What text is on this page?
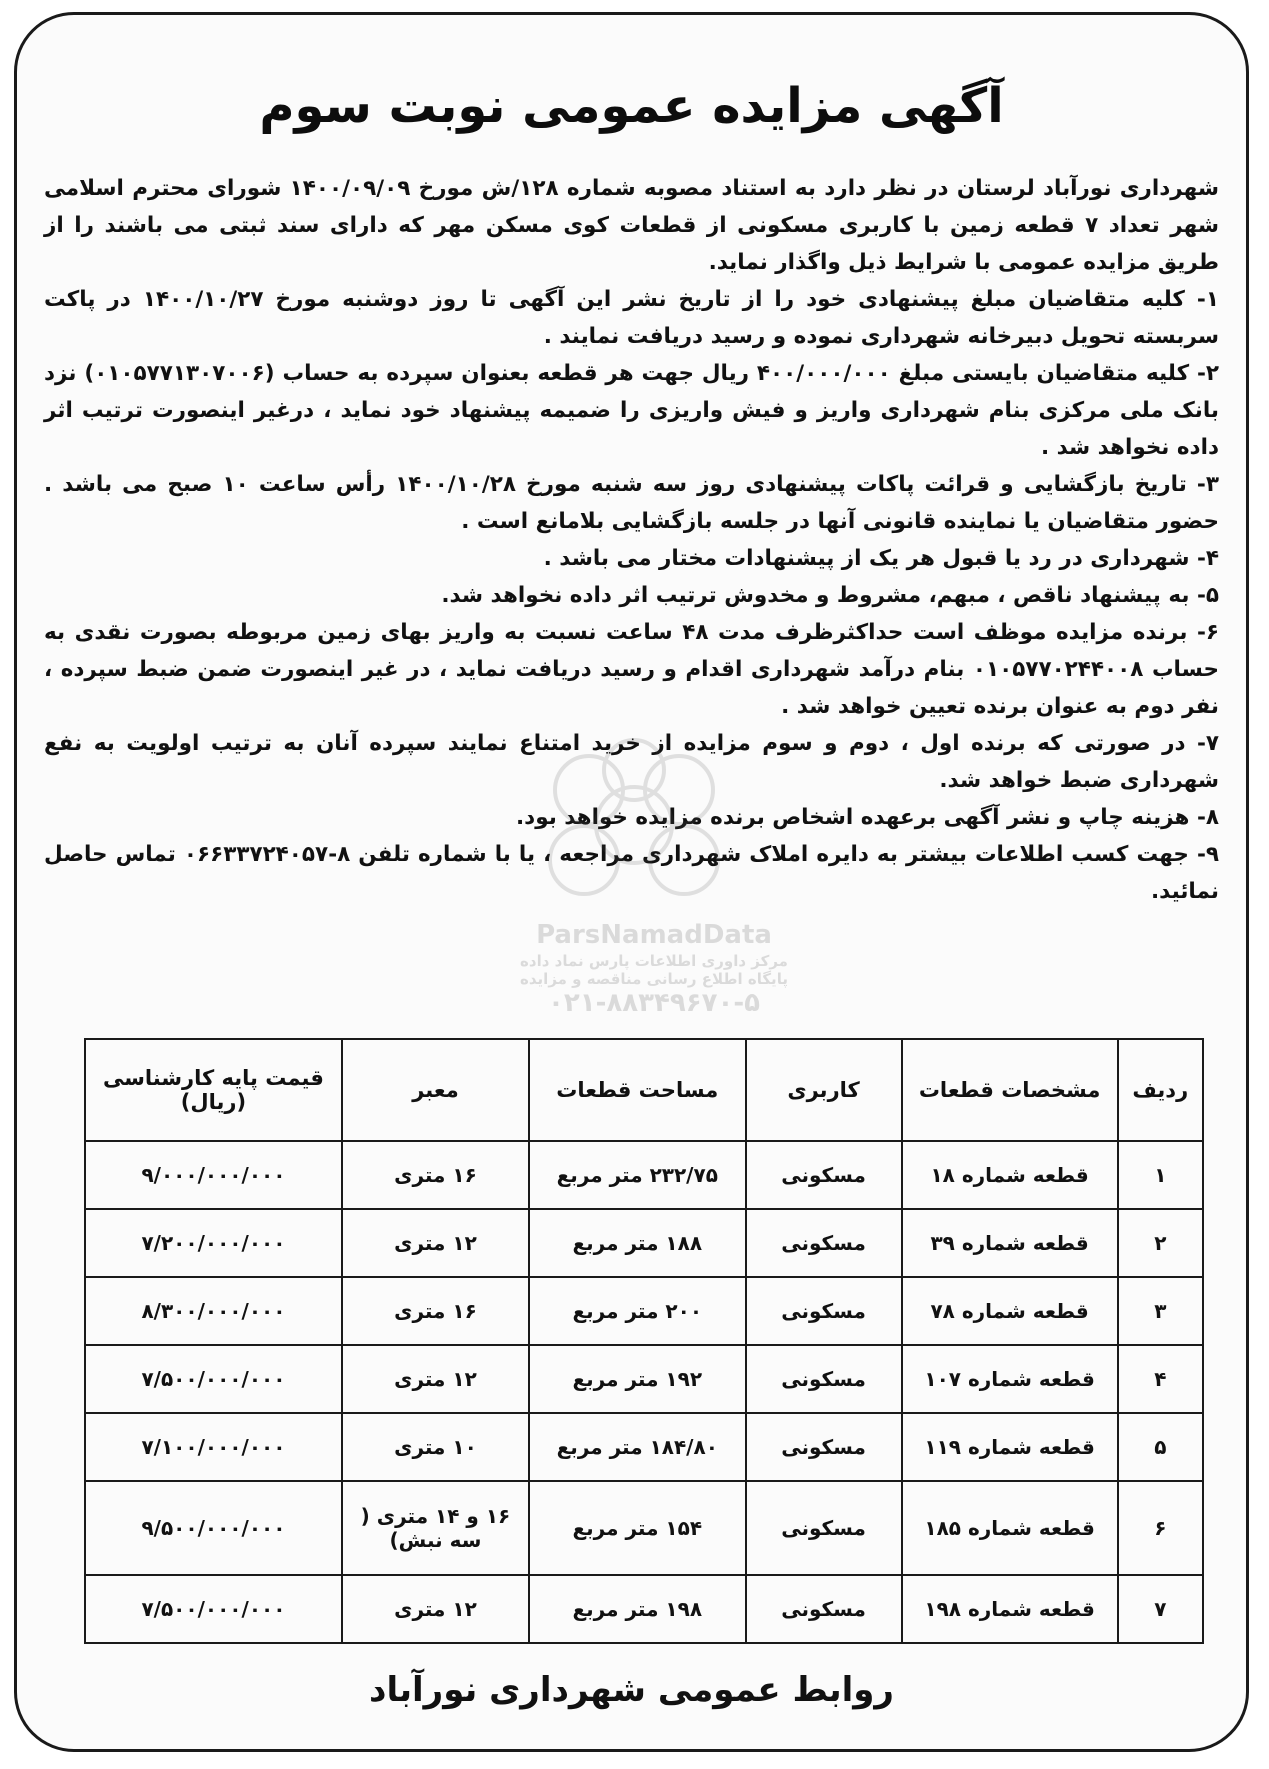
آگهی مزایده عمومی نوبت سوم

شهرداری نورآباد لرستان در نظر دارد به استناد مصوبه شماره ۱۲۸/ش مورخ ۱۴۰۰/۰۹/۰۹ شورای محترم اسلامی شهر تعداد ۷ قطعه زمین با کاربری مسکونی از قطعات کوی مسکن مهر که دارای سند ثبتی می باشند را از طریق مزایده عمومی با شرایط ذیل واگذار نماید.

۱- کلیه متقاضیان مبلغ پیشنهادی خود را از تاریخ نشر این آگهی تا روز دوشنبه مورخ ۱۴۰۰/۱۰/۲۷ در پاکت سربسته تحویل دبیرخانه شهرداری نموده و رسید دریافت نمایند .

۲- کلیه متقاضیان بایستی مبلغ ۴۰۰/۰۰۰/۰۰۰ ریال جهت هر قطعه بعنوان سپرده به حساب (۰۱۰۵۷۷۱۳۰۷۰۰۶) نزد بانک ملی مرکزی بنام شهرداری واریز و فیش واریزی را ضمیمه پیشنهاد خود نماید ، درغیر اینصورت ترتیب اثر داده نخواهد شد .

۳- تاریخ بازگشایی و قرائت پاکات پیشنهادی روز سه شنبه مورخ ۱۴۰۰/۱۰/۲۸ رأس ساعت ۱۰ صبح می باشد . حضور متقاضیان یا نماینده قانونی آنها در جلسه بازگشایی بلامانع است .

۴- شهرداری در رد یا قبول هر یک از پیشنهادات مختار می باشد .

۵- به پیشنهاد ناقص ، مبهم، مشروط و مخدوش ترتیب اثر داده نخواهد شد.

۶- برنده مزایده موظف است حداکثرظرف مدت ۴۸ ساعت نسبت به واریز بهای زمین مربوطه بصورت نقدی به حساب ۰۱۰۵۷۷۰۲۴۴۰۰۸ بنام درآمد شهرداری اقدام و رسید دریافت نماید ، در غیر اینصورت ضمن ضبط سپرده ، نفر دوم به عنوان برنده تعیین خواهد شد .

۷- در صورتی که برنده اول ، دوم و سوم مزایده از خرید امتناع نمایند سپرده آنان به ترتیب اولویت به نفع شهرداری ضبط خواهد شد.

۸- هزینه چاپ و نشر آگهی برعهده اشخاص برنده مزایده خواهد بود.

۹- جهت کسب اطلاعات بیشتر به دایره املاک شهرداری مراجعه ، یا با شماره تلفن ۸-۰۶۶۳۳۷۲۴۰۵۷ تماس حاصل نمائید.

ParsNamadData
مرکز داوری اطلاعات پارس نماد داده
پایگاه اطلاع رسانی مناقصه و مزایده
۰۲۱-۸۸۳۴۹۶۷۰-۵
ردیف	مشخصات قطعات	کاربری	مساحت قطعات	معبر	قیمت پایه کارشناسی (ریال)
۱	قطعه شماره ۱۸	مسکونی	۲۳۲/۷۵ متر مربع	۱۶ متری	۹/۰۰۰/۰۰۰/۰۰۰
۲	قطعه شماره ۳۹	مسکونی	۱۸۸ متر مربع	۱۲ متری	۷/۲۰۰/۰۰۰/۰۰۰
۳	قطعه شماره ۷۸	مسکونی	۲۰۰ متر مربع	۱۶ متری	۸/۳۰۰/۰۰۰/۰۰۰
۴	قطعه شماره ۱۰۷	مسکونی	۱۹۲ متر مربع	۱۲ متری	۷/۵۰۰/۰۰۰/۰۰۰
۵	قطعه شماره ۱۱۹	مسکونی	۱۸۴/۸۰ متر مربع	۱۰ متری	۷/۱۰۰/۰۰۰/۰۰۰
۶	قطعه شماره ۱۸۵	مسکونی	۱۵۴ متر مربع	۱۶ و ۱۴ متری ( سه نبش)	۹/۵۰۰/۰۰۰/۰۰۰
۷	قطعه شماره ۱۹۸	مسکونی	۱۹۸ متر مربع	۱۲ متری	۷/۵۰۰/۰۰۰/۰۰۰
روابط عمومی شهرداری نورآباد
